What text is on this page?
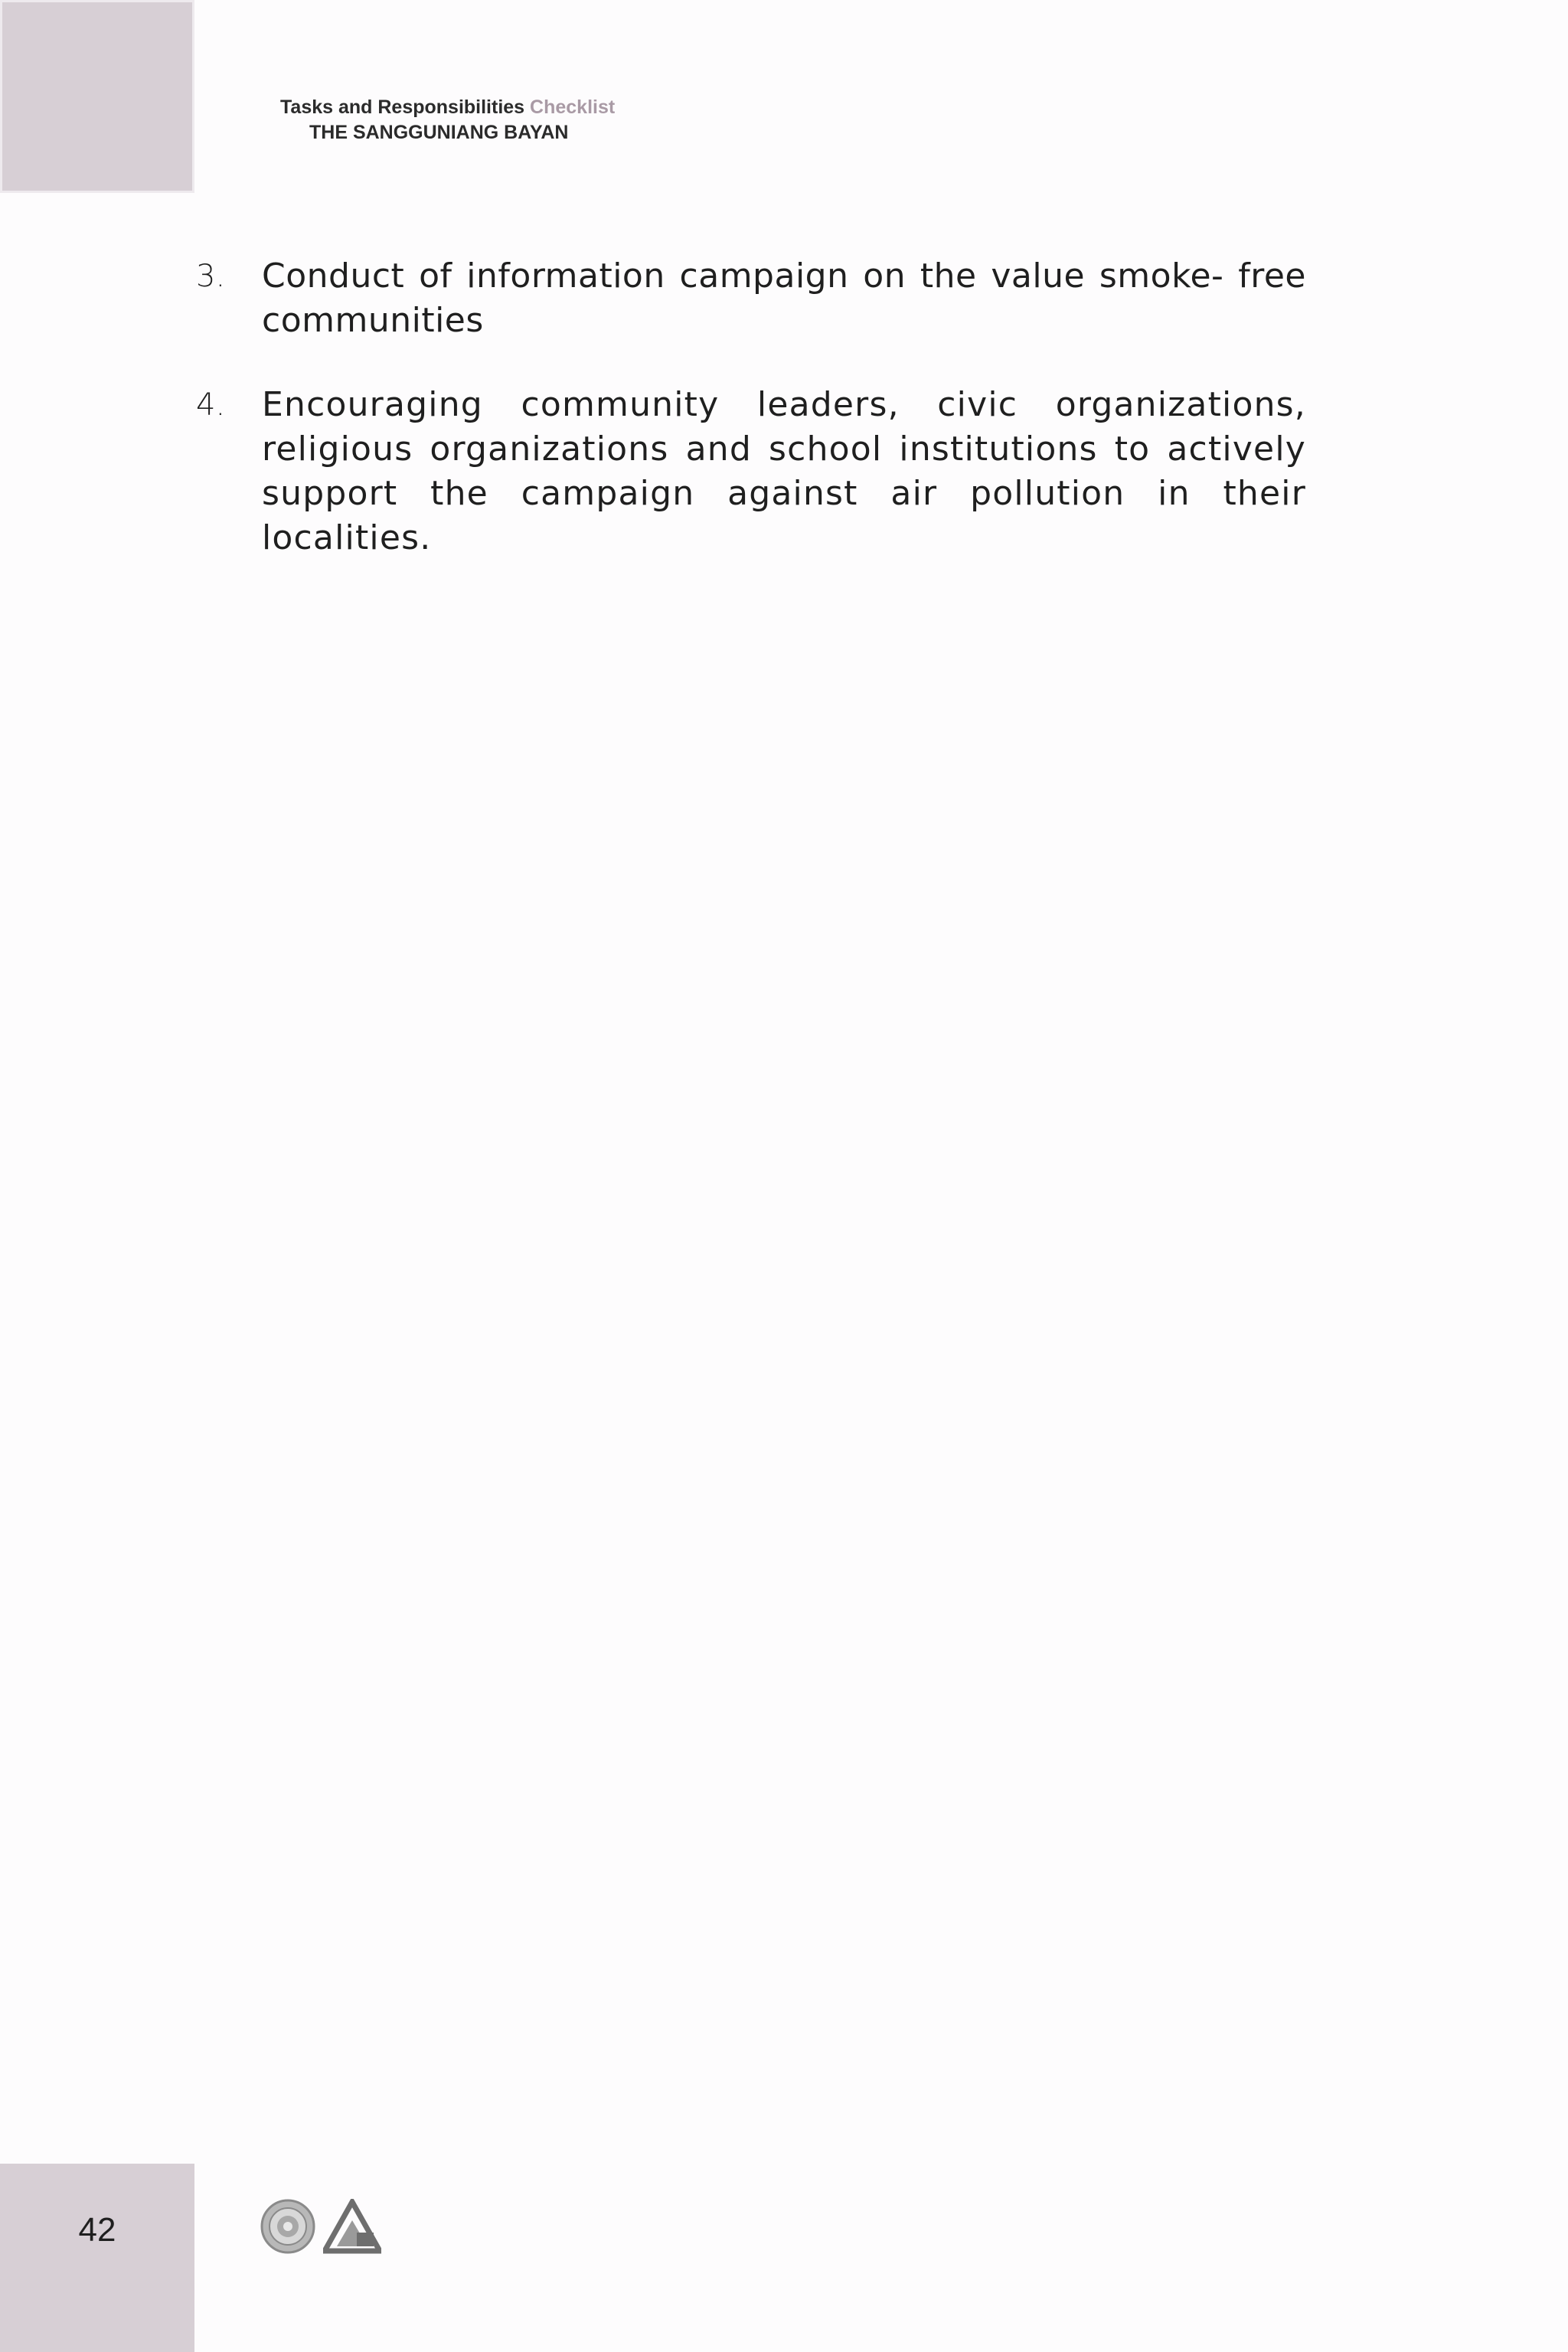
Tasks and Responsibilities Checklist
THE SANGGUNIANG BAYAN
3.	Conduct of information campaign on the value smoke- free communities
4.	Encouraging community leaders, civic organizations, religious organizations and school institutions to actively support the campaign against air pollution in their localities.
42
